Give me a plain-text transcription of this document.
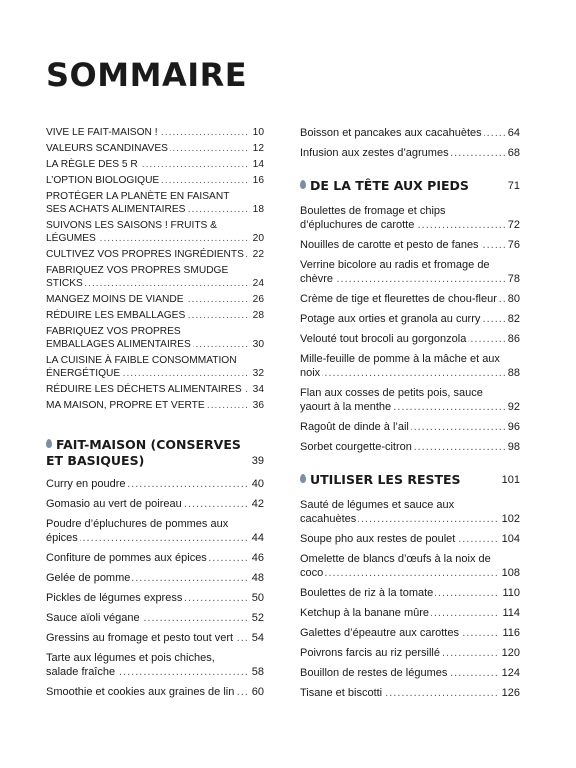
SOMMAIRE
VIVE LE FAIT-MAISON ! .....	10
VALEURS SCANDINAVES .....	12
LA RÈGLE DES 5 R .....	14
L’OPTION BIOLOGIQUE .....	16
PROTÉGER LA PLANÈTE EN FAISANT SES ACHATS ALIMENTAIRES .....	18
SUIVONS LES SAISONS ! FRUITS & LÉGUMES .....	20
CULTIVEZ VOS PROPRES INGRÉDIENTS ..... 22
FABRIQUEZ VOS PROPRES SMUDGE STICKS .....	24
MANGEZ MOINS DE VIANDE .....	26
RÉDUIRE LES EMBALLAGES .....	28
FABRIQUEZ VOS PROPRES EMBALLAGES ALIMENTAIRES .....	30
LA CUISINE À FAIBLE CONSOMMATION ÉNERGÉTIQUE .....	32
RÉDUIRE LES DÉCHETS ALIMENTAIRES .....	34
MA MAISON, PROPRE ET VERTE .....	36
FAIT-MAISON (CONSERVES ET BASIQUES)	39
Curry en poudre .....	40
Gomasio au vert de poireau .....	42
Poudre d’épluchures de pommes aux épices .....	44
Confiture de pommes aux épices .....	46
Gelée de pomme .....	48
Pickles de légumes express .....	50
Sauce aïoli végane .....	52
Gressins au fromage et pesto tout vert .....	54
Tarte aux légumes et pois chiches, salade fraîche .....	58
Smoothie et cookies aux graines de lin .....	60
Boisson et pancakes aux cacahuètes .....	64
Infusion aux zestes d’agrumes .....	68
DE LA TÊTE AUX PIEDS	71
Boulettes de fromage et chips d’épluchures de carotte .....	72
Nouilles de carotte et pesto de fanes .....	76
Verrine bicolore au radis et fromage de chèvre .....	78
Crème de tige et fleurettes de chou-fleur ..... 80
Potage aux orties et granola au curry .....	82
Velouté tout brocoli au gorgonzola .....	86
Mille-feuille de pomme à la mâche et aux noix .....	88
Flan aux cosses de petits pois, sauce yaourt à la menthe .....	92
Ragoût de dinde à l’ail .....	96
Sorbet courgette-citron .....	98
UTILISER LES RESTES	101
Sauté de légumes et sauce aux cacahuètes .....	102
Soupe pho aux restes de poulet .....	104
Omelette de blancs d’œufs à la noix de coco .....	108
Boulettes de riz à la tomate .....	110
Ketchup à la banane mûre .....	114
Galettes d’épeautre aux carottes .....	116
Poivrons farcis au riz persillé .....	120
Bouillon de restes de légumes .....	124
Tisane et biscotti .....	126
